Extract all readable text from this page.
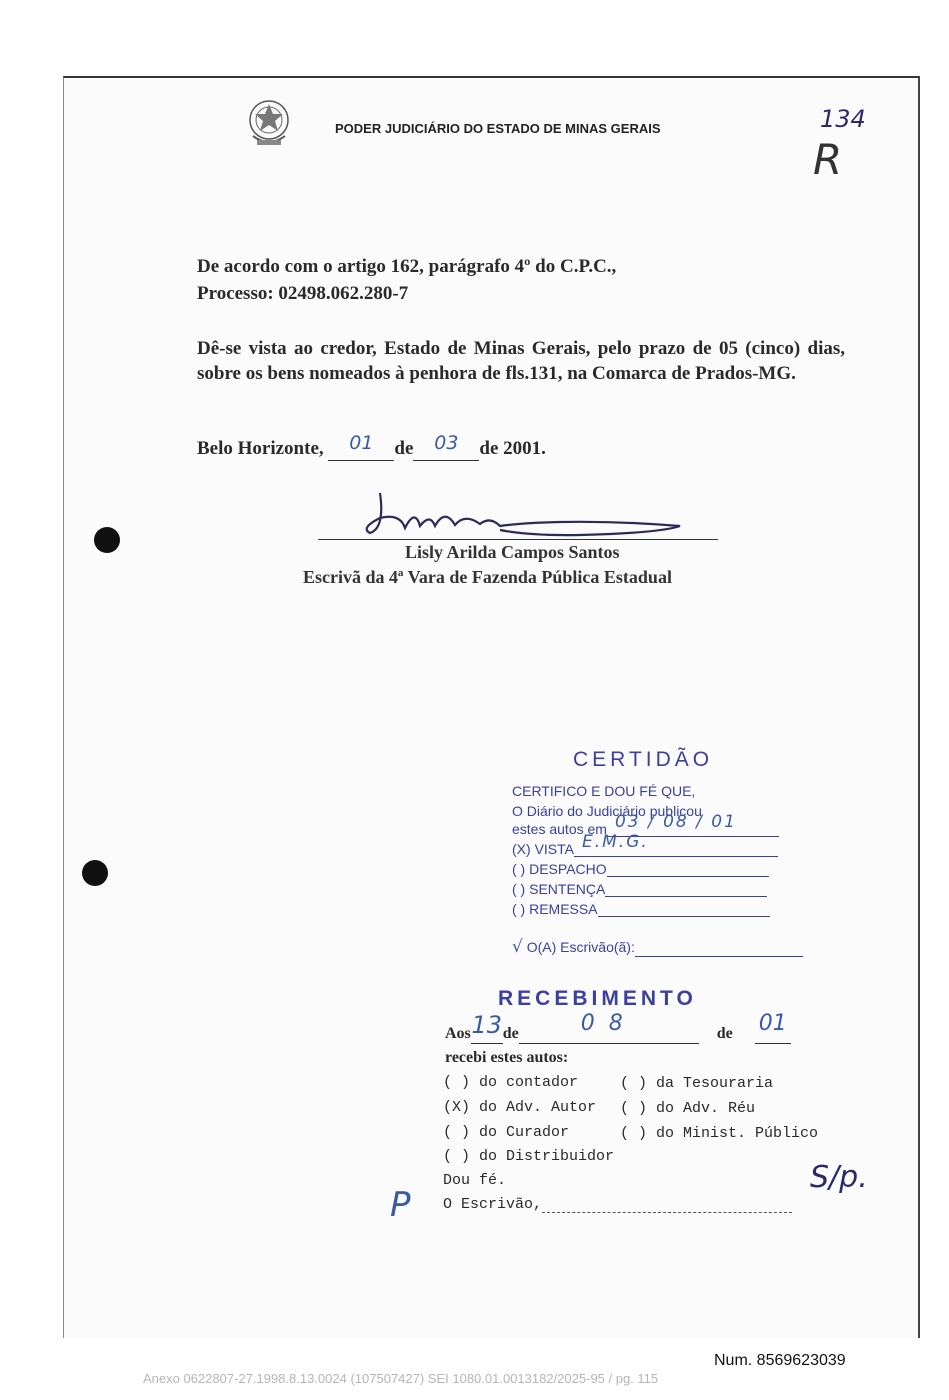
PODER JUDICIÁRIO DO ESTADO DE MINAS GERAIS	134
R
De acordo com o artigo 162, parágrafo 4º do C.P.C.,
Processo: 02498.062.280-7
Dê-se vista ao credor, Estado de Minas Gerais, pelo prazo de 05 (cinco) dias, sobre os bens nomeados à penhora de fls.131, na Comarca de Prados-MG.
Belo Horizonte,	01	de	03	de 2001.
Lisly Arilda Campos Santos
Escrivã da 4ª Vara de Fazenda Pública Estadual
CERTIDÃO
CERTIFICO E DOU FÉ QUE,
O Diário do Judiciário publicou
estes autos em 03 / 08 / 01
(X) VISTA E.M.G.
( ) DESPACHO
( ) SENTENÇA
( ) REMESSA
√ O(A) Escrivão(ã):
RECEBIMENTO
Aos 13 de	08	de 01

recebi estes autos:
( ) do contador	( ) da Tesouraria
(X) do Adv. Autor ( ) do Adv. Réu
( ) do Curador	( ) do Minist. Público
( ) do Distribuidor
Dou fé.
O Escrivão,
S/p.
P
Num. 8569623039
Anexo 0622807-27.1998.8.13.0024 (107507427) SEI 1080.01.0013182/2025-95 / pg. 115
